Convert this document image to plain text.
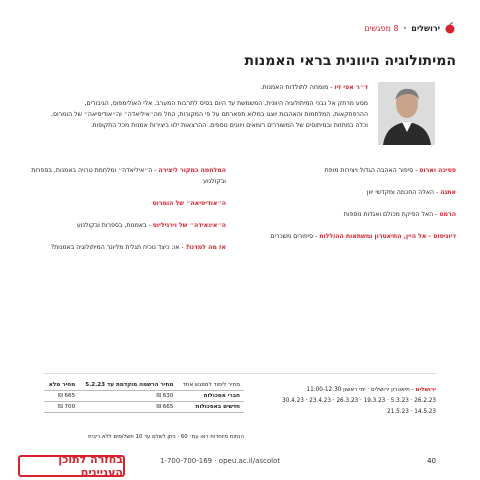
ירושלים
•
8 מפגשים
המיתולוגיה היוונית בראי האמנות
ד״ר אפי זיו - מומחה לתולדות האמנות.

מסע מרתק אל נבכי המיתולוגיה היוונית, המשמשת עד היום בסיס לתרבות המערב. אלי האולימפוס, הגיבורים, ההרפתקאות, המלחמות והאהבות יוצגו במלוא תפארתם על פי המקורות, החל מה״איליאדה״ וה״אודיסיאה״ של הומרוס, וכלה במחזות ובמיתוסים של המשוררים רומאים ויוונים נוספים. ההרצאות ילוו ביצירות אמנות מכל התקופות.

פסיכה וארוס - סיפור האהבה הגדול ויצירות מופת

אתנה - האלה החכמה ומקדשי יוון

הרמס - האל הפיקח מכולם ואגדות נוספות

דיוניסוס - אל היין, התיאטרון ומשתאות ההוללות - סיפורים משכרים

המלחמה כמקור ליצירה - ה״איליאדה״ ומלחמת טרויה באמנות, בספרות ובקולנוע

ה״אודיסיאה״ של הומרוס

ה״אינאידה״ של וירגיליוס - באמנות, בספרות ובקולנוע

אז מה למדנו? - או: כיצד נוכיח תגלית מליונר המיתולוגיה באמנות?

ירושלים - תיאטרון ירושלים · ימי ראשון 11:00-12:30
26.2.23 · 5.3.23 · 19.3.23 · 26.3.23 · 23.4.23 · 30.4.23
14.5.23 · 21.5.23
מחיר לימוד למפגש אחד	מחיר הרשמה מוקדמת עד 5.2.23	מחיר מלא
חברי אסכולות	630 ₪	665 ₪
חדשים באסכולות	665 ₪	700 ₪
הנחות מיוחדות ראו עמ׳ 60 · ניתן לשלם עד 10 תשלומים ללא ריבית
בחזרה לתוכן העניינים
1-700-700-169 · opeu.ac.il/ascolot	40
